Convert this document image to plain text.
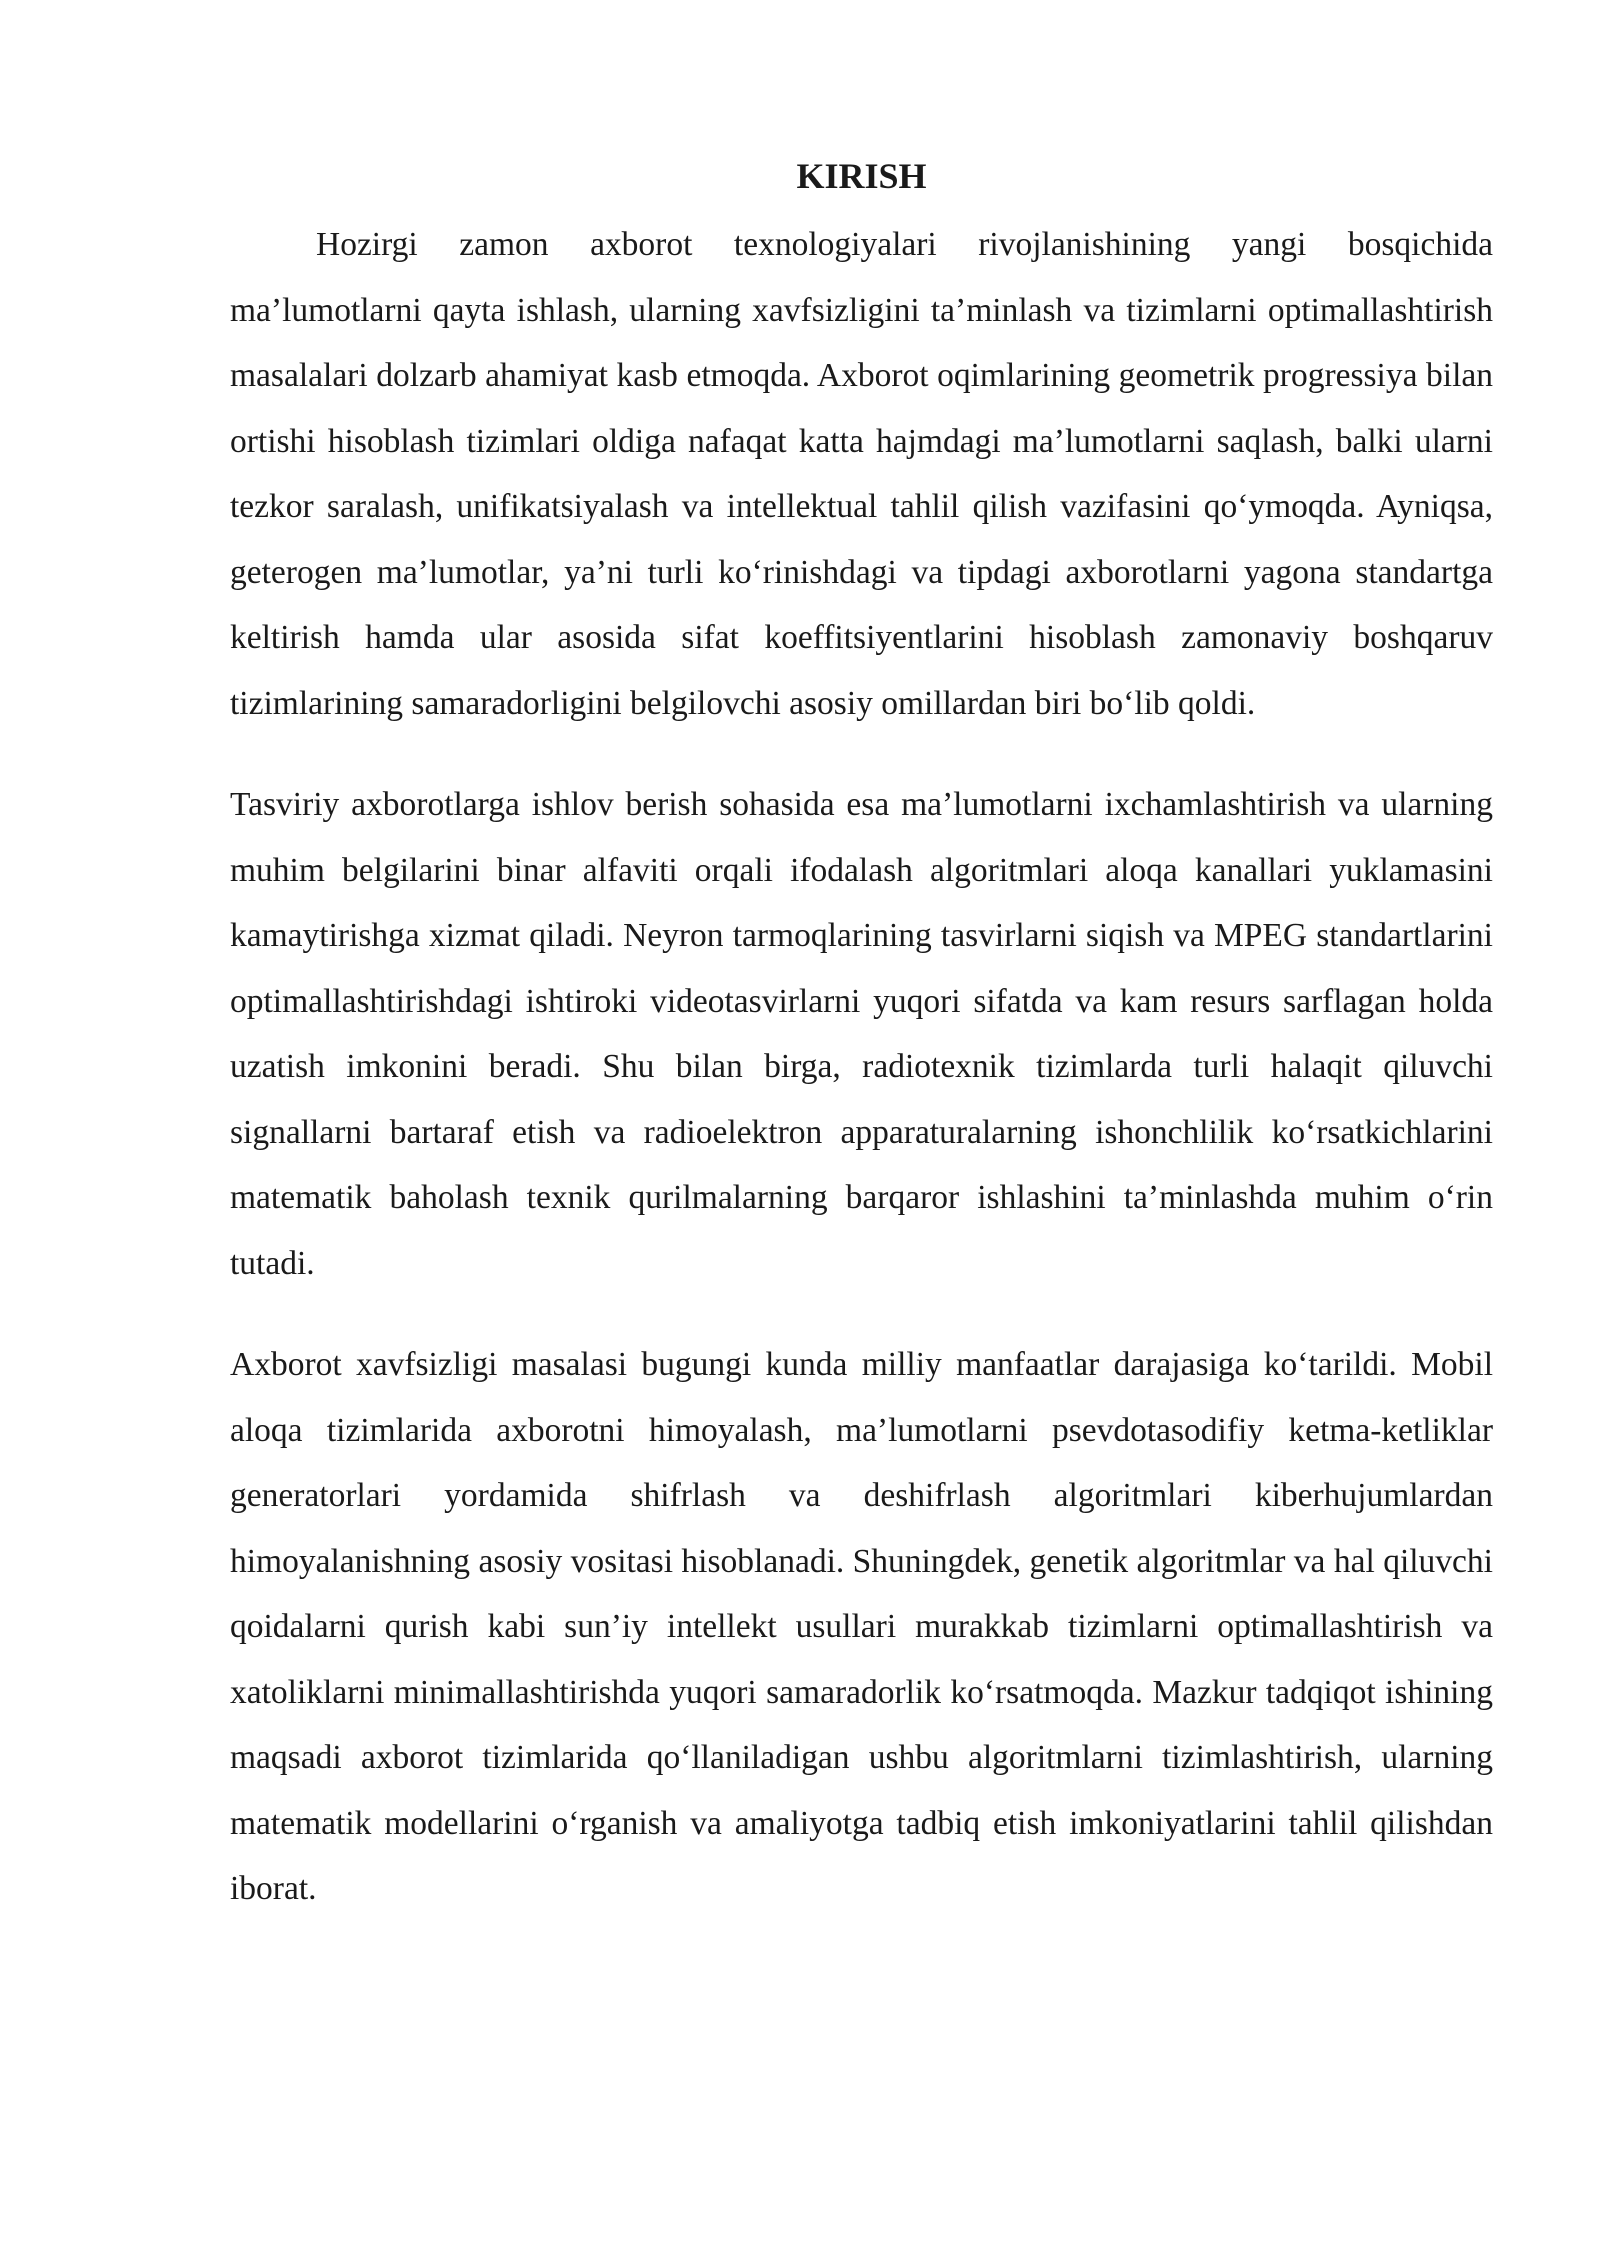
KIRISH

Hozirgi zamon axborot texnologiyalari rivojlanishining yangi bosqichida ma’lumotlarni qayta ishlash, ularning xavfsizligini ta’minlash va tizimlarni optimallashtirish masalalari dolzarb ahamiyat kasb etmoqda. Axborot oqimlarining geometrik progressiya bilan ortishi hisoblash tizimlari oldiga nafaqat katta hajmdagi ma’lumotlarni saqlash, balki ularni tezkor saralash, unifikatsiyalash va intellektual tahlil qilish vazifasini qo‘ymoqda. Ayniqsa, geterogen ma’lumotlar, ya’ni turli ko‘rinishdagi va tipdagi axborotlarni yagona standartga keltirish hamda ular asosida sifat koeffitsiyentlarini hisoblash zamonaviy boshqaruv tizimlarining samaradorligini belgilovchi asosiy omillardan biri bo‘lib qoldi.

Tasviriy axborotlarga ishlov berish sohasida esa ma’lumotlarni ixchamlashtirish va ularning muhim belgilarini binar alfaviti orqali ifodalash algoritmlari aloqa kanallari yuklamasini kamaytirishga xizmat qiladi. Neyron tarmoqlarining tasvirlarni siqish va MPEG standartlarini optimallashtirishdagi ishtiroki videotasvirlarni yuqori sifatda va kam resurs sarflagan holda uzatish imkonini beradi. Shu bilan birga, radiotexnik tizimlarda turli halaqit qiluvchi signallarni bartaraf etish va radioelektron apparaturalarning ishonchlilik ko‘rsatkichlarini matematik baholash texnik qurilmalarning barqaror ishlashini ta’minlashda muhim o‘rin tutadi.

Axborot xavfsizligi masalasi bugungi kunda milliy manfaatlar darajasiga ko‘tarildi. Mobil aloqa tizimlarida axborotni himoyalash, ma’lumotlarni psevdotasodifiy ketma-ketliklar generatorlari yordamida shifrlash va deshifrlash algoritmlari kiberhujumlardan himoyalanishning asosiy vositasi hisoblanadi. Shuningdek, genetik algoritmlar va hal qiluvchi qoidalarni qurish kabi sun’iy intellekt usullari murakkab tizimlarni optimallashtirish va xatoliklarni minimallashtirishda yuqori samaradorlik ko‘rsatmoqda. Mazkur tadqiqot ishining maqsadi axborot tizimlarida qo‘llaniladigan ushbu algoritmlarni tizimlashtirish, ularning matematik modellarini o‘rganish va amaliyotga tadbiq etish imkoniyatlarini tahlil qilishdan iborat.
